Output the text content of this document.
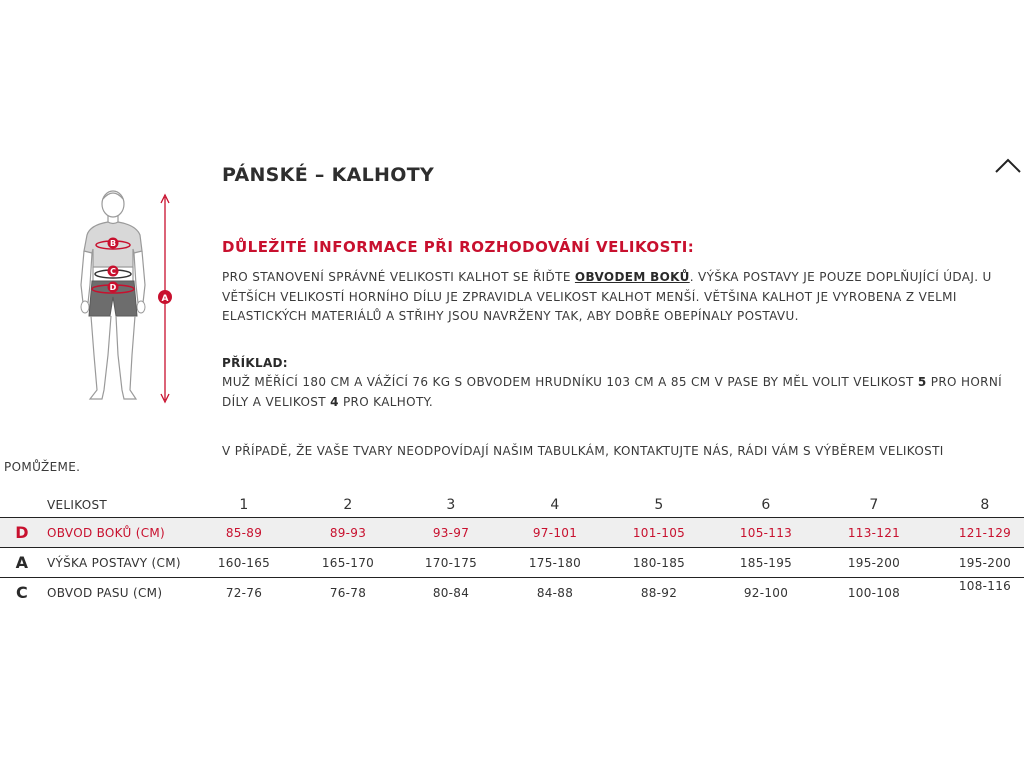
B
C
D
A
PÁNSKÉ – KALHOTY
DŮLEŽITÉ INFORMACE PŘI ROZHODOVÁNÍ VELIKOSTI:
PRO STANOVENÍ SPRÁVNÉ VELIKOSTI KALHOT SE ŘIĎTE OBVODEM BOKŮ. VÝŠKA POSTAVY JE POUZE DOPLŇUJÍCÍ ÚDAJ. U VĚTŠÍCH VELIKOSTÍ HORNÍHO DÍLU JE ZPRAVIDLA VELIKOST KALHOT MENŠÍ. VĚTŠINA KALHOT JE VYROBENA Z VELMI ELASTICKÝCH MATERIÁLŮ A STŘIHY JSOU NAVRŽENY TAK, ABY DOBŘE OBEPÍNALY POSTAVU.
PŘÍKLAD:
MUŽ MĚŘÍCÍ 180 CM A VÁŽÍCÍ 76 KG S OBVODEM HRUDNÍKU 103 CM A 85 CM V PASE BY MĚL VOLIT VELIKOST 5 PRO HORNÍ DÍLY A VELIKOST 4 PRO KALHOTY.
V PŘÍPADĚ, ŽE VAŠE TVARY NEODPOVÍDAJÍ NAŠIM TABULKÁM, KONTAKTUJTE NÁS, RÁDI VÁM S VÝBĚREM VELIKOSTI
POMŮŽEME.
VELIKOST	1	2	3	4	5	6	7	8
D OBVOD BOKŮ (CM)	85-89	89-93	93-97	97-101	101-105	105-113	113-121	121-129
A	VÝŠKA POSTAVY (CM)	160-165	165-170	170-175	175-180	180-185	185-195	195-200	195-200
C	OBVOD PASU (CM)	72-76	76-78	80-84	84-88	88-92	92-100	100-108	108-116
